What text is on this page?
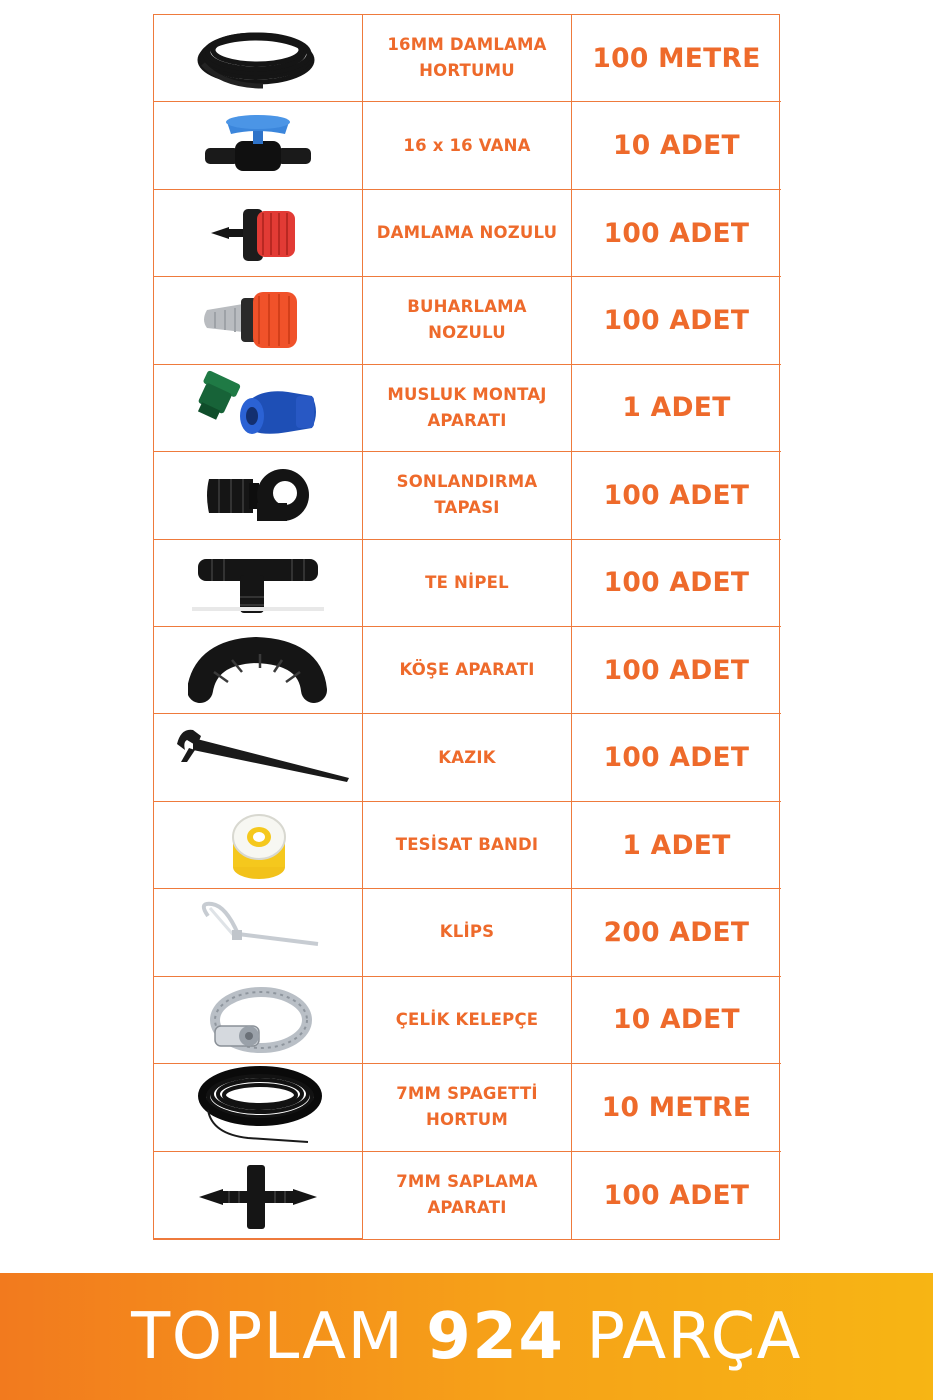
16MM DAMLAMA
HORTUMU	100 METRE
16 x 16 VANA	10 ADET
DAMLAMA NOZULU 100 ADET
BUHARLAMA
NOZULU	100 ADET
MUSLUK MONTAJ
APARATI	1 ADET
SONLANDIRMA
TAPASI	100 ADET
TE NİPEL	100 ADET
KÖŞE APARATI	100 ADET
KAZIK	100 ADET
TESİSAT BANDI	1 ADET
KLİPS	200 ADET
ÇELİK KELEPÇE	10 ADET
7MM SPAGETTİ
HORTUM	10 METRE
7MM SAPLAMA
APARATI	100 ADET
TOPLAM 924 PARÇA
